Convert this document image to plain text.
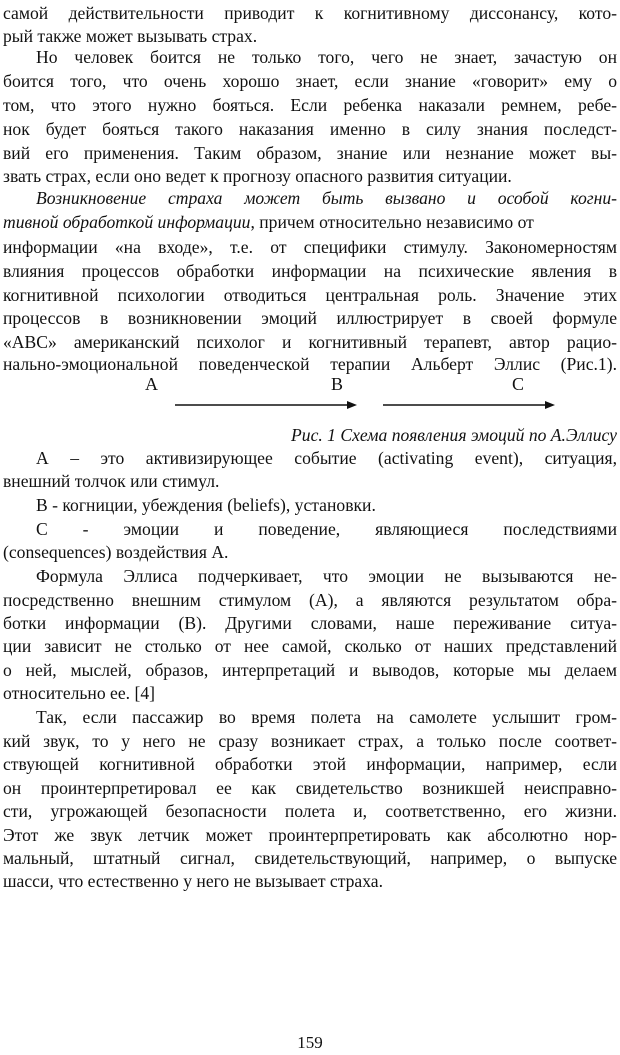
самой действительности приводит к когнитивному диссонансу, кото-
рый также может вызывать страх.
Но человек боится не только того, чего не знает, зачастую он
боится того, что очень хорошо знает, если знание «говорит» ему о
том, что этого нужно бояться. Если ребенка наказали ремнем, ребе-
нок будет бояться такого наказания именно в силу знания последст-
вий его применения. Таким образом, знание или незнание может вы-
звать страх, если оно ведет к прогнозу опасного развития ситуации.
Возникновение страха может быть вызвано и особой когни-
тивной обработкой информации, причем относительно независимо от
информации «на входе», т.е. от специфики стимулу. Закономерностям
влияния процессов обработки информации на психические явления в
когнитивной психологии отводиться центральная роль. Значение этих
процессов в возникновении эмоций иллюстрирует в своей формуле
«АВС» американский психолог и когнитивный терапевт, автор рацио-
нально-эмоциональной поведенческой терапии Альберт Эллис (Рис.1).
А	В	С
Рис. 1 Схема появления эмоций по А.Эллису
А – это активизирующее событие (activating event), ситуация,
внешний толчок или стимул.
В - когниции, убеждения (beliefs), установки.
С - эмоции и поведение, являющиеся последствиями
(consequences) воздействия А.
Формула Эллиса подчеркивает, что эмоции не вызываются не-
посредственно внешним стимулом (А), а являются результатом обра-
ботки информации (В). Другими словами, наше переживание ситуа-
ции зависит не столько от нее самой, сколько от наших представлений
о ней, мыслей, образов, интерпретаций и выводов, которые мы делаем
относительно ее. [4]
Так, если пассажир во время полета на самолете услышит гром-
кий звук, то у него не сразу возникает страх, а только после соответ-
ствующей когнитивной обработки этой информации, например, если
он проинтерпретировал ее как свидетельство возникшей неисправно-
сти, угрожающей безопасности полета и, соответственно, его жизни.
Этот же звук летчик может проинтерпретировать как абсолютно нор-
мальный, штатный сигнал, свидетельствующий, например, о выпуске
шасси, что естественно у него не вызывает страха.
159
